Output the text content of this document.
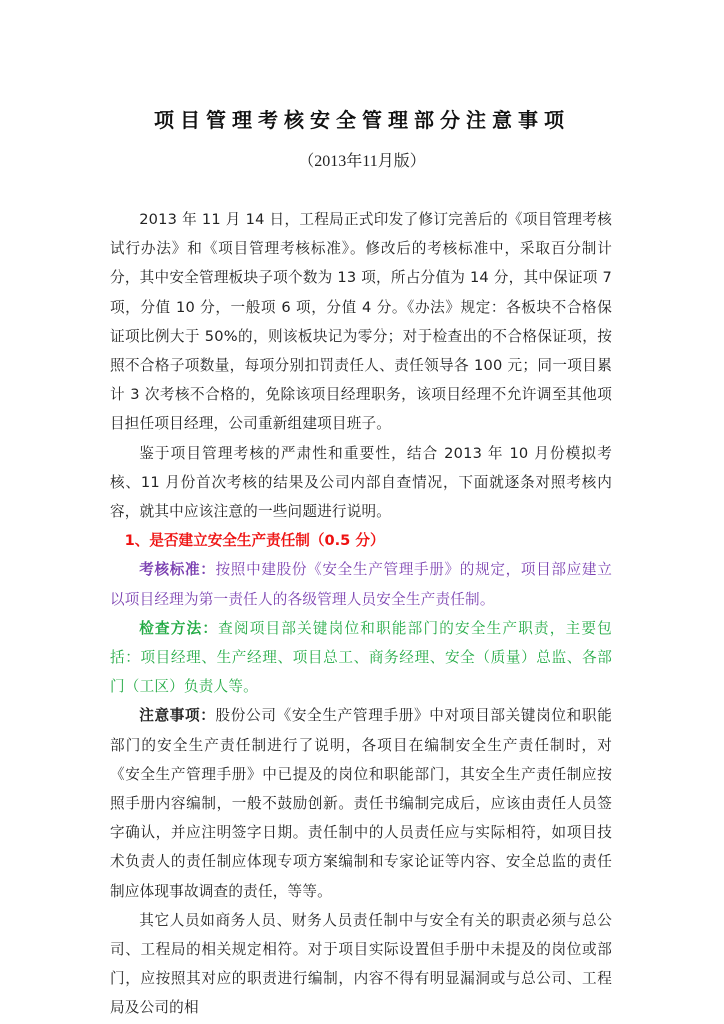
项目管理考核安全管理部分注意事项
（2013年11月版）

2013 年 11 月 14 日，工程局正式印发了修订完善后的《项目管理考核试行办法》和《项目管理考核标准》。修改后的考核标准中，采取百分制计分，其中安全管理板块子项个数为 13 项，所占分值为 14 分，其中保证项 7 项，分值 10 分，一般项 6 项，分值 4 分。《办法》规定：各板块不合格保证项比例大于 50%的，则该板块记为零分；对于检查出的不合格保证项，按照不合格子项数量，每项分别扣罚责任人、责任领导各 100 元；同一项目累计 3 次考核不合格的，免除该项目经理职务，该项目经理不允许调至其他项目担任项目经理，公司重新组建项目班子。

鉴于项目管理考核的严肃性和重要性，结合 2013 年 10 月份模拟考核、11 月份首次考核的结果及公司内部自查情况，下面就逐条对照考核内容，就其中应该注意的一些问题进行说明。

1、是否建立安全生产责任制（0.5 分）

考核标准：按照中建股份《安全生产管理手册》的规定，项目部应建立以项目经理为第一责任人的各级管理人员安全生产责任制。

检查方法：查阅项目部关键岗位和职能部门的安全生产职责，主要包括：项目经理、生产经理、项目总工、商务经理、安全（质量）总监、各部门（工区）负责人等。

注意事项：股份公司《安全生产管理手册》中对项目部关键岗位和职能部门的安全生产责任制进行了说明，各项目在编制安全生产责任制时，对《安全生产管理手册》中已提及的岗位和职能部门，其安全生产责任制应按照手册内容编制，一般不鼓励创新。责任书编制完成后，应该由责任人员签字确认，并应注明签字日期。责任制中的人员责任应与实际相符，如项目技术负责人的责任制应体现专项方案编制和专家论证等内容、安全总监的责任制应体现事故调查的责任，等等。

其它人员如商务人员、财务人员责任制中与安全有关的职责必须与总公司、工程局的相关规定相符。对于项目实际设置但手册中未提及的岗位或部门，应按照其对应的职责进行编制，内容不得有明显漏洞或与总公司、工程局及公司的相
